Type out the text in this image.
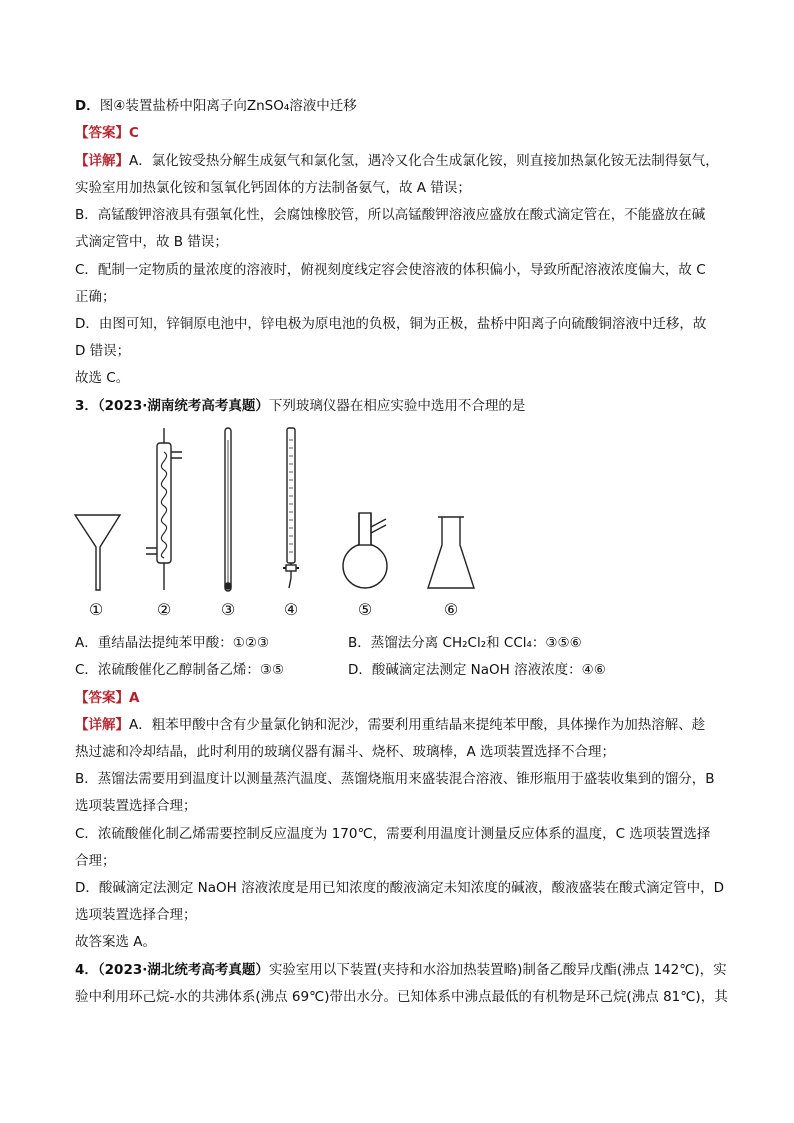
D．图④装置盐桥中阳离子向ZnSO₄溶液中迁移
【答案】C
【详解】A．氯化铵受热分解生成氨气和氯化氢，遇冷又化合生成氯化铵，则直接加热氯化铵无法制得氨气，
实验室用加热氯化铵和氢氧化钙固体的方法制备氨气，故 A 错误；
B．高锰酸钾溶液具有强氧化性，会腐蚀橡胶管，所以高锰酸钾溶液应盛放在酸式滴定管在，不能盛放在碱
式滴定管中，故 B 错误；
C．配制一定物质的量浓度的溶液时，俯视刻度线定容会使溶液的体积偏小，导致所配溶液浓度偏大，故 C
正确；
D．由图可知，锌铜原电池中，锌电极为原电池的负极，铜为正极，盐桥中阳离子向硫酸铜溶液中迁移，故
D 错误；
故选 C。
3．（2023·湖南统考高考真题）下列玻璃仪器在相应实验中选用不合理的是
①	②	③	④	⑤	⑥
A．重结晶法提纯苯甲酸：①②③	B．蒸馏法分离 CH₂Cl₂和 CCl₄：③⑤⑥
C．浓硫酸催化乙醇制备乙烯：③⑤	D．酸碱滴定法测定 NaOH 溶液浓度：④⑥
【答案】A
【详解】A．粗苯甲酸中含有少量氯化钠和泥沙，需要利用重结晶来提纯苯甲酸，具体操作为加热溶解、趁
热过滤和冷却结晶，此时利用的玻璃仪器有漏斗、烧杯、玻璃棒，A 选项装置选择不合理；
B．蒸馏法需要用到温度计以测量蒸汽温度、蒸馏烧瓶用来盛装混合溶液、锥形瓶用于盛装收集到的馏分，B
选项装置选择合理；
C．浓硫酸催化制乙烯需要控制反应温度为 170℃，需要利用温度计测量反应体系的温度，C 选项装置选择
合理；
D．酸碱滴定法测定 NaOH 溶液浓度是用已知浓度的酸液滴定未知浓度的碱液，酸液盛装在酸式滴定管中，D
选项装置选择合理；
故答案选 A。
4．（2023·湖北统考高考真题）实验室用以下装置(夹持和水浴加热装置略)制备乙酸异戊酯(沸点 142℃)，实
验中利用环己烷-水的共沸体系(沸点 69℃)带出水分。已知体系中沸点最低的有机物是环己烷(沸点 81℃)，其
